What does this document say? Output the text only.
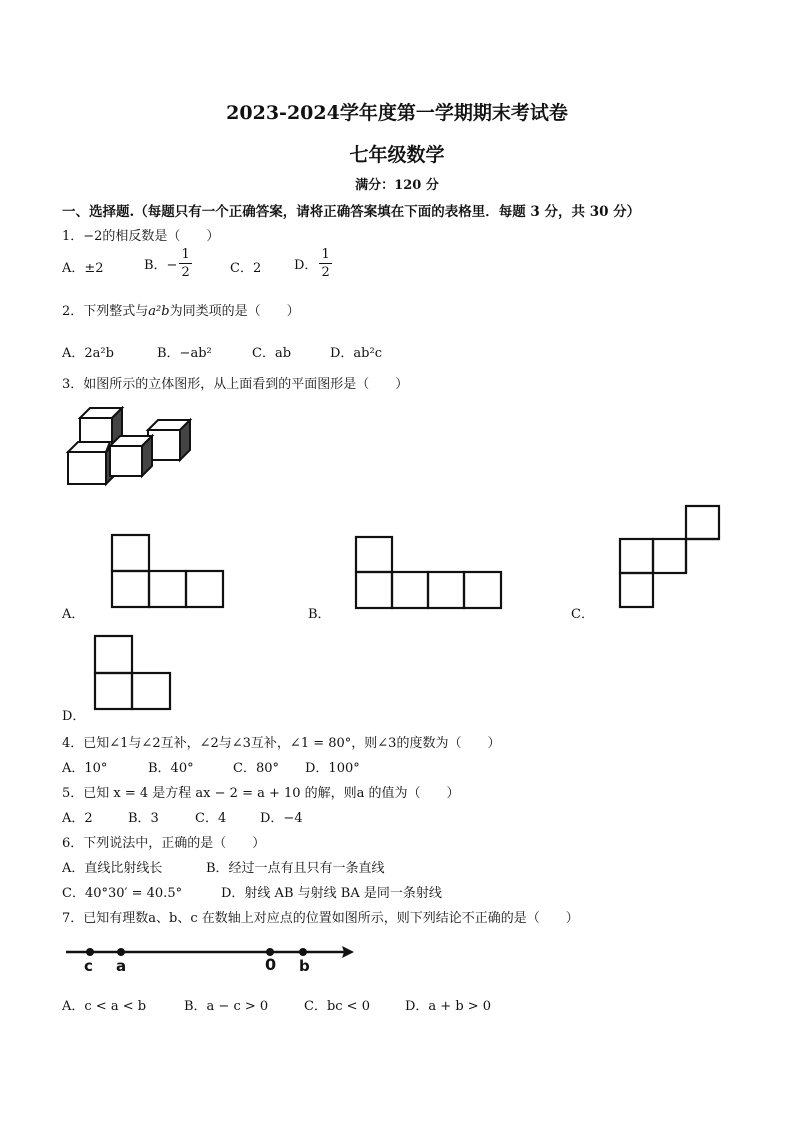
2023-2024学年度第一学期期末考试卷
七年级数学
满分：120 分
一、选择题.（每题只有一个正确答案，请将正确答案填在下面的表格里．每题 3 分，共 30 分）
1．−2的相反数是（　　）
A．±2	B．− $\frac{1}{2}$	C．2	D． $\frac{1}{2}$
2．下列整式与a²b为同类项的是（　　）
A．2a²b	B．−ab²	C．ab	D．ab²c
3．如图所示的立体图形，从上面看到的平面图形是（　　）
A．	B．	C．
D．
4．已知∠1与∠2互补，∠2与∠3互补，∠1 = 80°，则∠3的度数为（　　）
A．10°	B．40°	C．80° D．100°
5．已知 x = 4 是方程 ax − 2 = a + 10 的解，则a 的值为（　　）
A．2	B．3	C．4	D．−4
6．下列说法中，正确的是（　　）
A．直线比射线长	B．经过一点有且只有一条直线
C．40°30′ = 40.5°	D．射线 AB 与射线 BA 是同一条射线
7．已知有理数a、b、c 在数轴上对应点的位置如图所示，则下列结论不正确的是（　　）
c a	0 b
A．c < a < b	B．a − c > 0	C．bc < 0	D．a + b > 0
